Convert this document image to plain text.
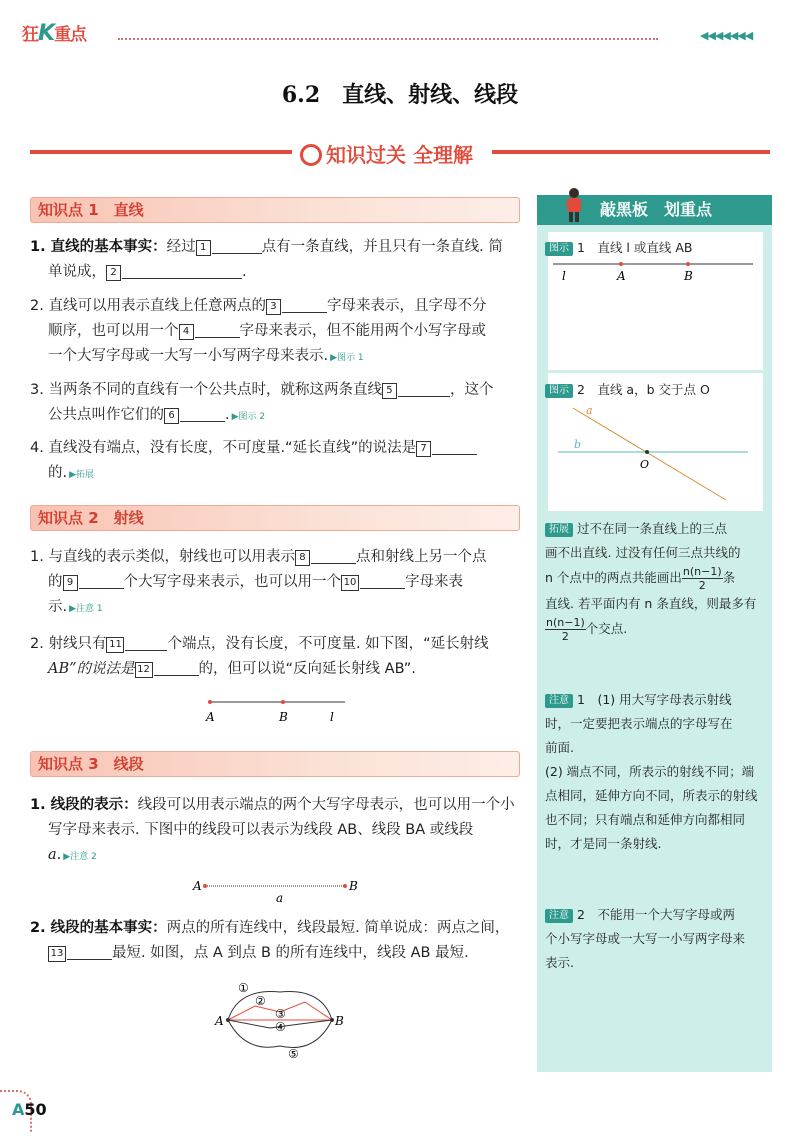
狂K重点	◀◀◀◀◀◀◀
6.2　直线、射线、线段
知识过关 全理解
知识点 1　直线
1. 直线的基本事实：经过 1	点有一条直线，并且只有一条直线. 简
单说成， 2	.
2. 直线可以用表示直线上任意两点的 3	字母来表示，且字母不分
顺序，也可以用一个 4	字母来表示，但不能用两个小写字母或
一个大写字母或一大写一小写两字母来表示. ▶图示 1
3. 当两条不同的直线有一个公共点时，就称这两条直线 5	，这个
公共点叫作它们的 6	. ▶图示 2
4. 直线没有端点，没有长度，不可度量.“延长直线”的说法是 7
的. ▶拓展
知识点 2　射线
1. 与直线的表示类似，射线也可以用表示 8	点和射线上另一个点
的 9	个大写字母来表示，也可以用一个 10	字母来表
示. ▶注意 1
2. 射线只有 11	个端点，没有长度，不可度量. 如下图，“延长射线
AB”的说法是 12	的，但可以说“反向延长射线 AB”.
A	B	l
知识点 3　线段
1. 线段的表示：线段可以用表示端点的两个大写字母表示，也可以用一个小
写字母来表示. 下图中的线段可以表示为线段 AB、线段 BA 或线段
a. ▶注意 2
A	B
a
2. 线段的基本事实：两点的所有连线中，线段最短. 简单说成：两点之间，
13	最短. 如图，点 A 到点 B 的所有连线中，线段 AB 最短.
A	B
①
②
③
④
⑤
敲黑板　划重点
图示 1　直线 l 或直线 AB
l	A	B
图示 2　直线 a，b 交于点 O
a
b
O
拓展 过不在同一条直线上的三点
画不出直线. 过没有任何三点共线的
n 个点中的两点共能画出 $\frac{n(n-1)}{2}$ 条
直线. 若平面内有 n 条直线，则最多有

$\frac{n(n-1)}{2}$ 个交点.
注意 1　(1) 用大写字母表示射线
时，一定要把表示端点的字母写在
前面.
(2) 端点不同，所表示的射线不同；端
点相同，延伸方向不同，所表示的射线
也不同；只有端点和延伸方向都相同
时，才是同一条射线.
注意 2　不能用一个大写字母或两
个小写字母或一大写一小写两字母来
表示.
A50
